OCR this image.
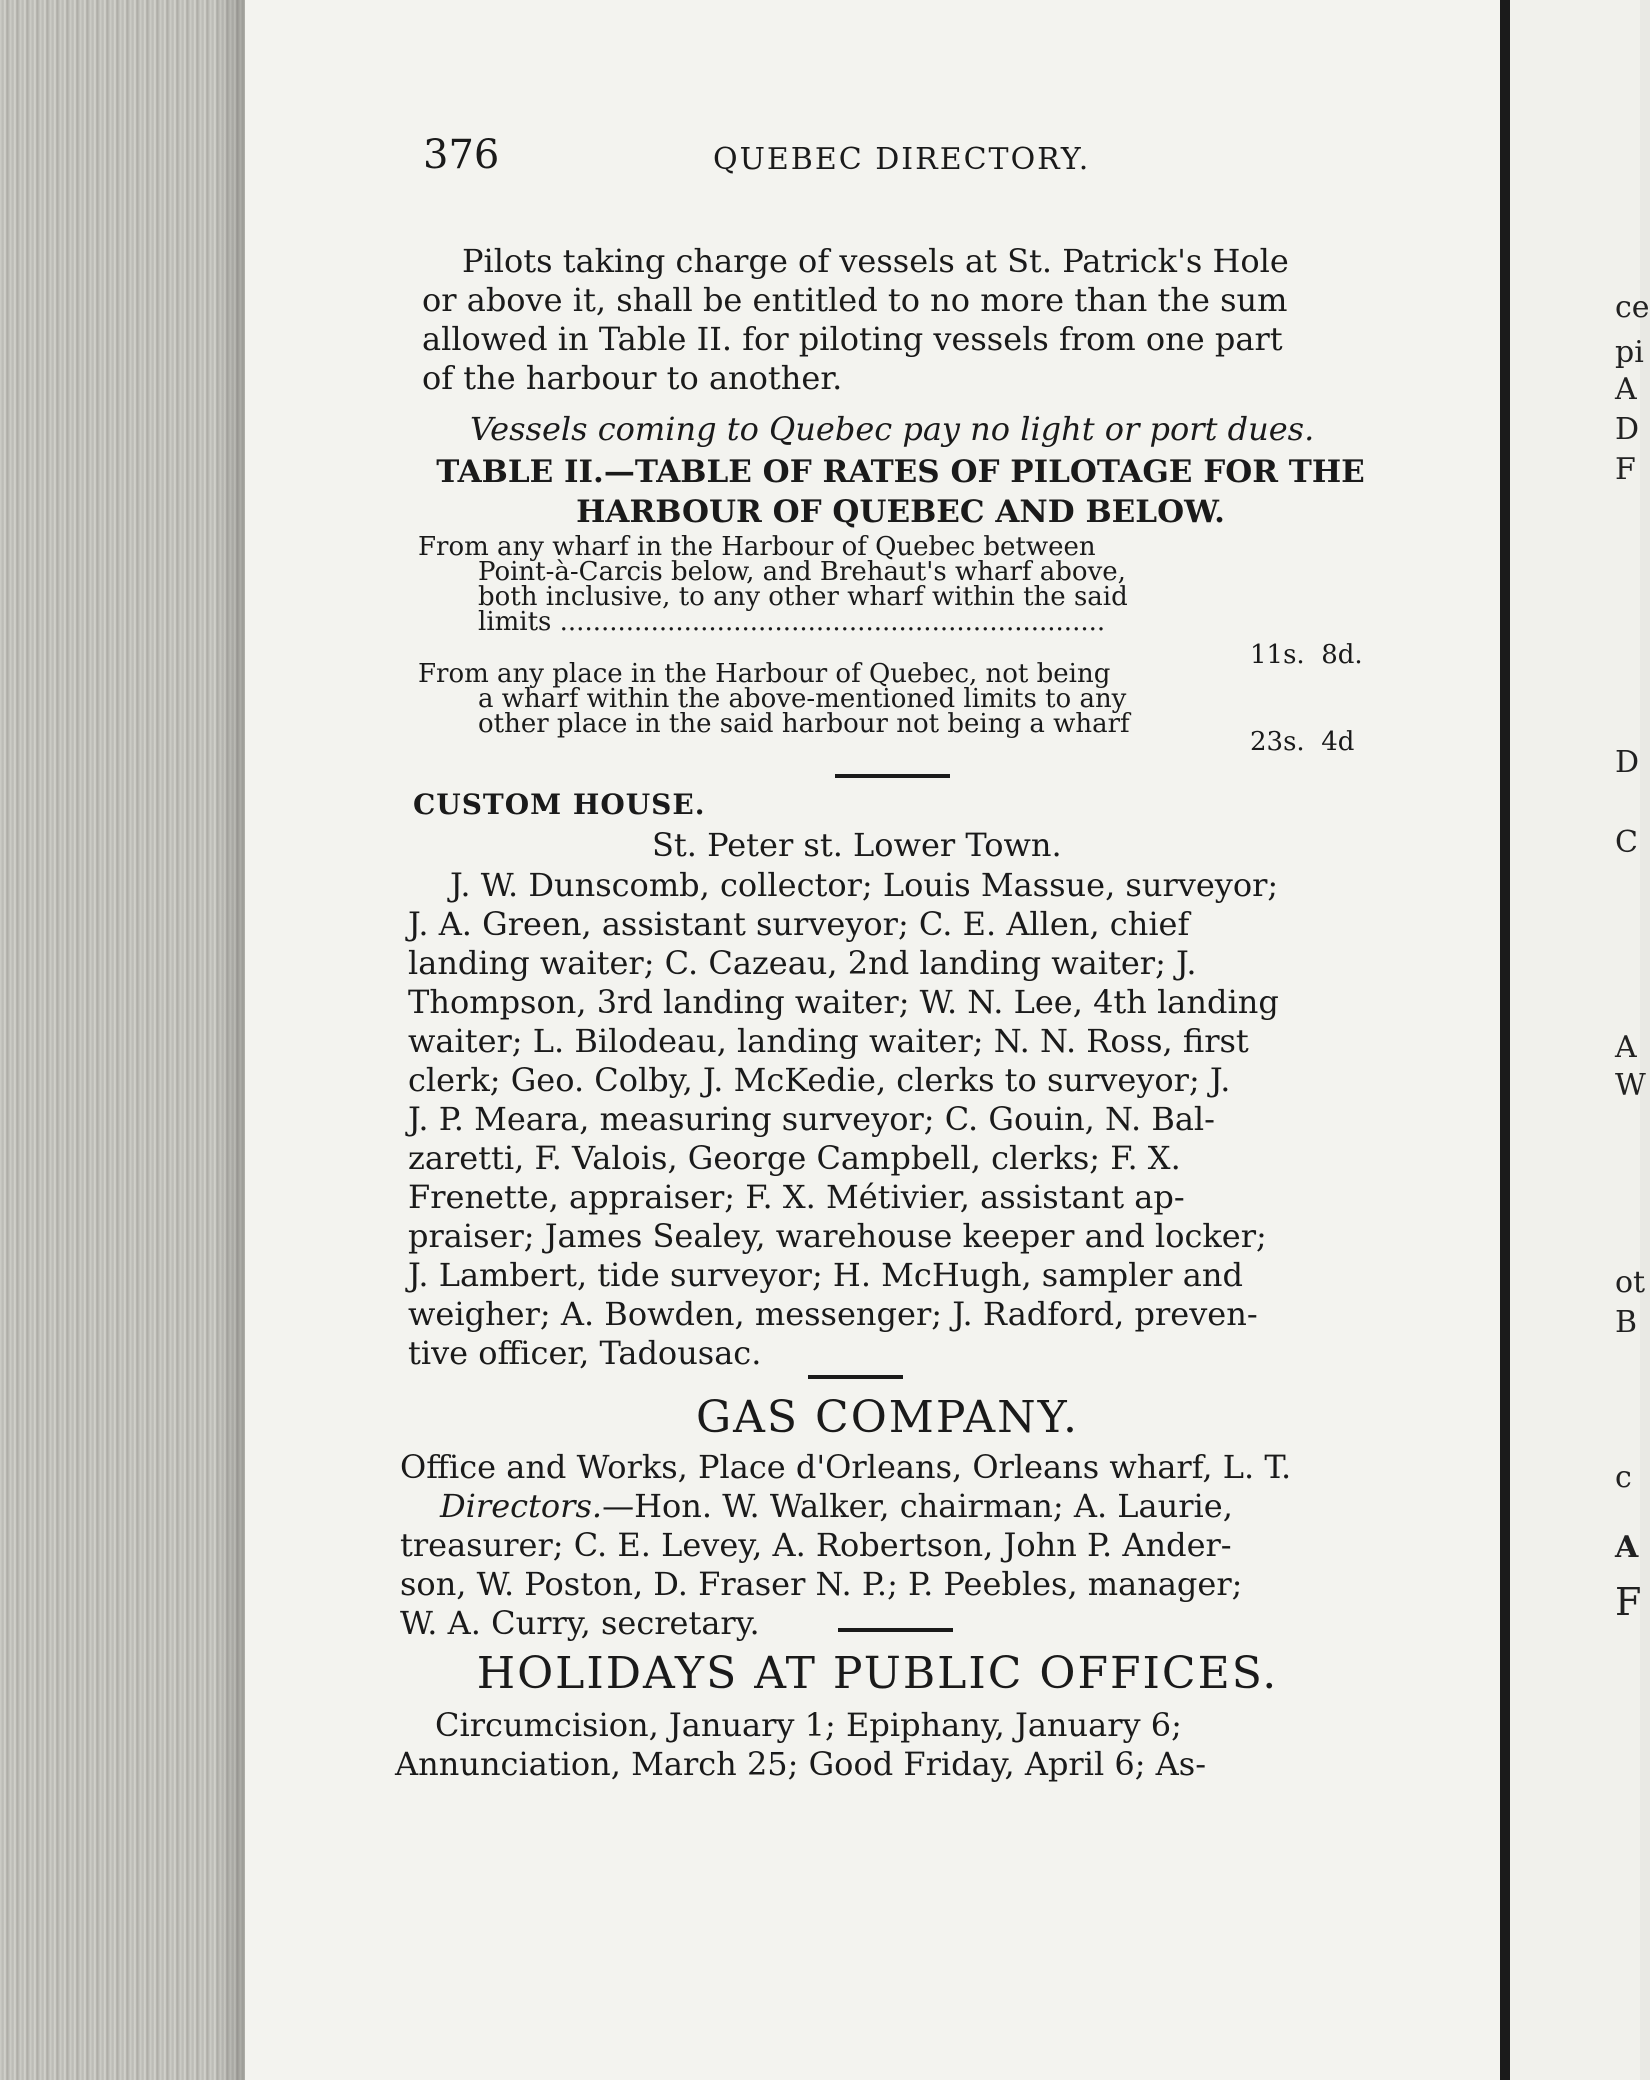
ce
pi
A
D
F
D
C
A
W
ot
B
c
A
F
376	QUEBEC DIRECTORY.
Pilots taking charge of vessels at St. Patrick's Hole
or above it, shall be entitled to no more than the sum
allowed in Table II. for piloting vessels from one part
of the harbour to another.
Vessels coming to Quebec pay no light or port dues.
TABLE II.—TABLE OF RATES OF PILOTAGE FOR THE
HARBOUR OF QUEBEC AND BELOW.
From any wharf in the Harbour of Quebec between
Point-à-Carcis below, and Brehaut's wharf above,
both inclusive, to any other wharf within the said
limits ..................................................................
11s. 8d.
From any place in the Harbour of Quebec, not being
a wharf within the above-mentioned limits to any
other place in the said harbour not being a wharf
23s. 4d
CUSTOM HOUSE.
St. Peter st. Lower Town.
J. W. Dunscomb, collector; Louis Massue, surveyor;
J. A. Green, assistant surveyor; C. E. Allen, chief
landing waiter; C. Cazeau, 2nd landing waiter; J.
Thompson, 3rd landing waiter; W. N. Lee, 4th landing
waiter; L. Bilodeau, landing waiter; N. N. Ross, first
clerk; Geo. Colby, J. McKedie, clerks to surveyor; J.
J. P. Meara, measuring surveyor; C. Gouin, N. Bal-
zaretti, F. Valois, George Campbell, clerks; F. X.
Frenette, appraiser; F. X. Métivier, assistant ap-
praiser; James Sealey, warehouse keeper and locker;
J. Lambert, tide surveyor; H. McHugh, sampler and
weigher; A. Bowden, messenger; J. Radford, preven-
tive officer, Tadousac.
GAS COMPANY.
Office and Works, Place d'Orleans, Orleans wharf, L. T.
Directors.—Hon. W. Walker, chairman; A. Laurie,
treasurer; C. E. Levey, A. Robertson, John P. Ander-
son, W. Poston, D. Fraser N. P.; P. Peebles, manager;
W. A. Curry, secretary.
HOLIDAYS AT PUBLIC OFFICES.
Circumcision, January 1; Epiphany, January 6;
Annunciation, March 25; Good Friday, April 6; As-
